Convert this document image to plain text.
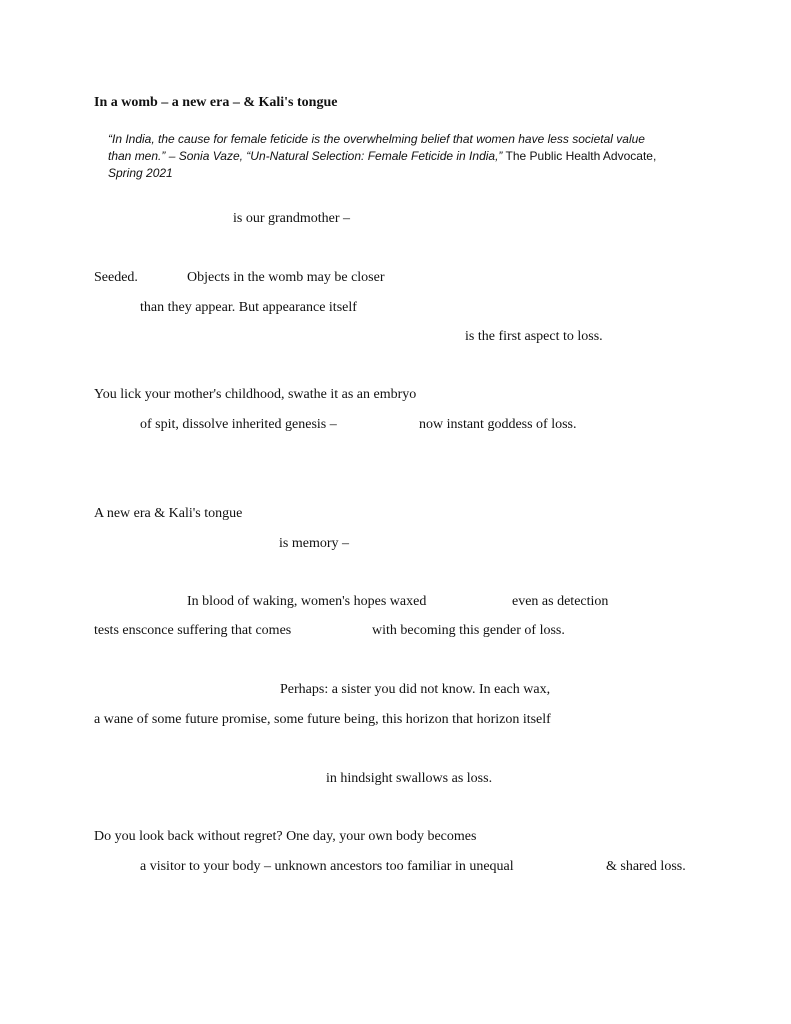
In a womb – a new era – & Kali's tongue
“In India, the cause for female feticide is the overwhelming belief that women have less societal value
than men.” – Sonia Vaze, “Un-Natural Selection: Female Feticide in India,” The Public Health Advocate,
Spring 2021
is our grandmother –
Seeded.	Objects in the womb may be closer
than they appear. But appearance itself
is the first aspect to loss.
You lick your mother's childhood, swathe it as an embryo
of spit, dissolve inherited genesis –	now instant goddess of loss.
A new era & Kali's tongue
is memory –
In blood of waking, women's hopes waxed	even as detection
tests ensconce suffering that comes	with becoming this gender of loss.
Perhaps: a sister you did not know. In each wax,
a wane of some future promise, some future being, this horizon that horizon itself
in hindsight swallows as loss.
Do you look back without regret? One day, your own body becomes
a visitor to your body – unknown ancestors too familiar in unequal	& shared loss.
